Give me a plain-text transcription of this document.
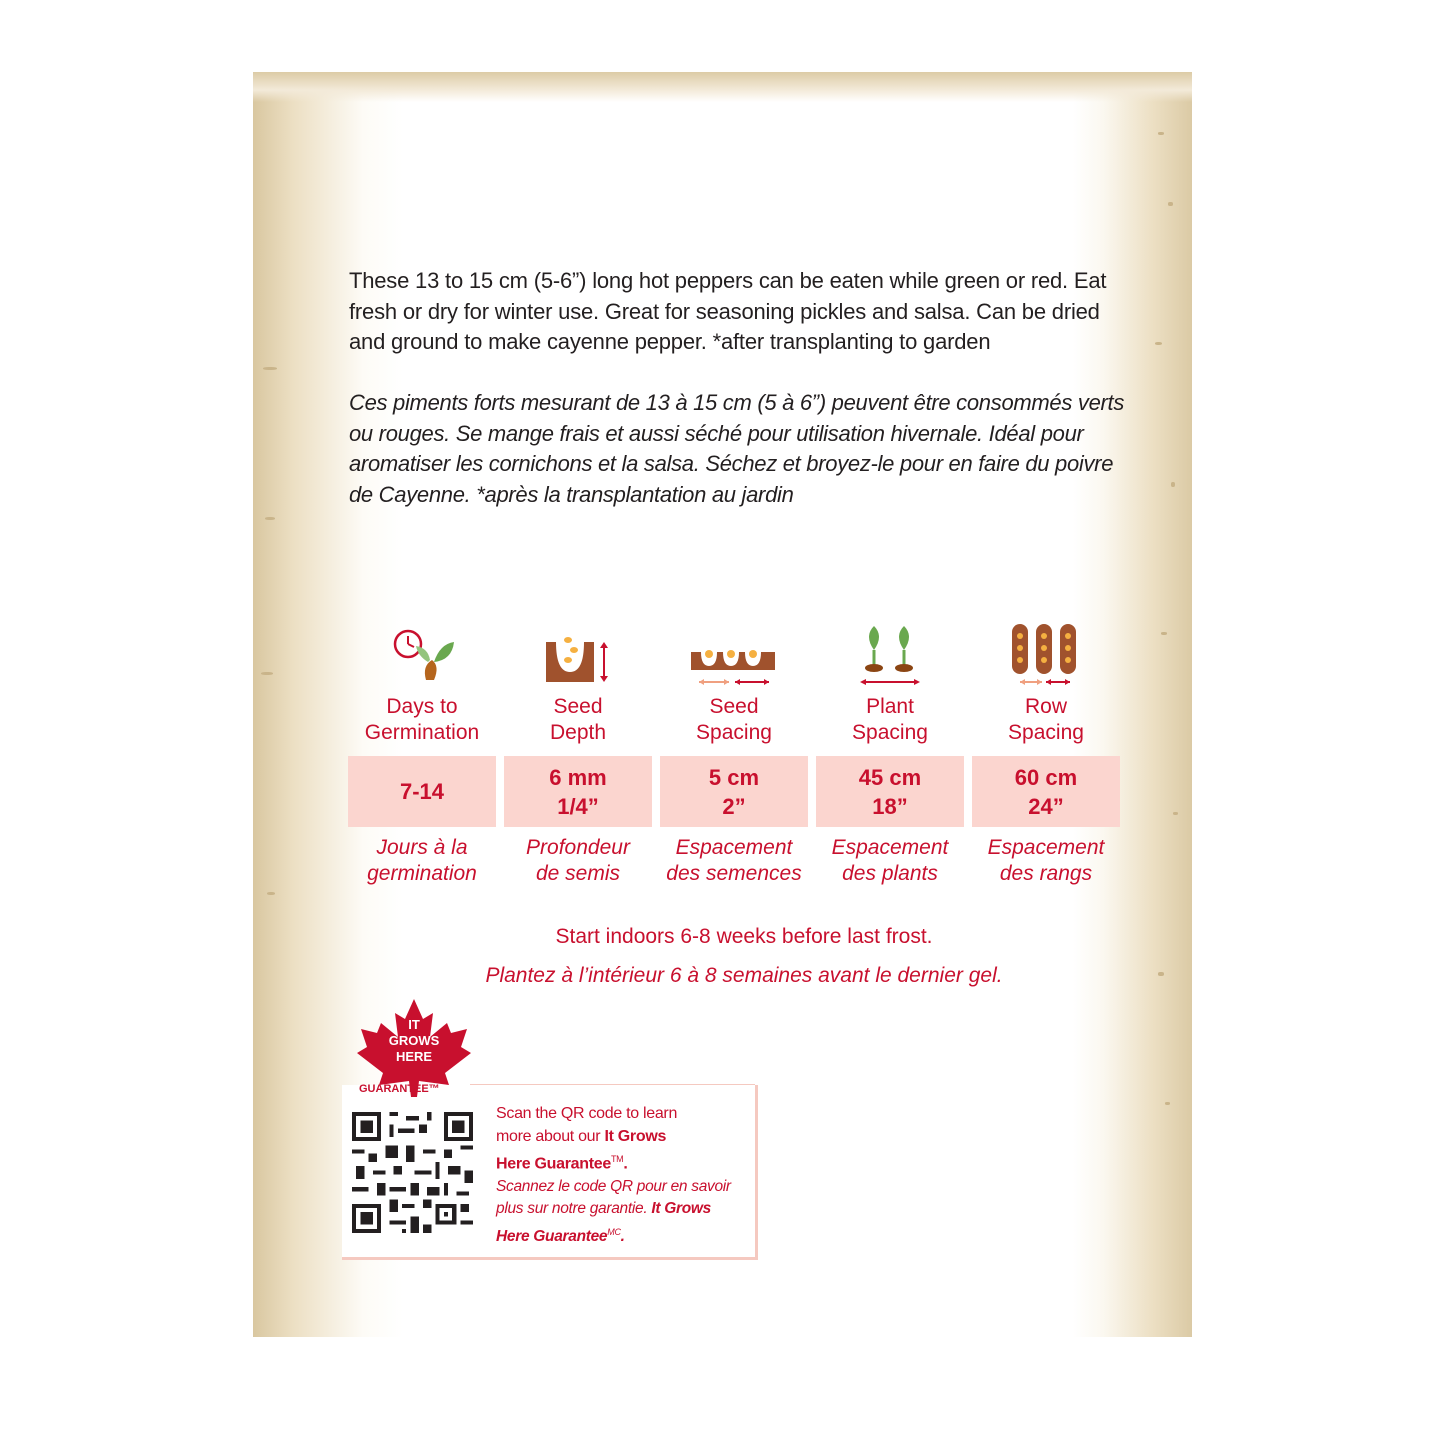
These 13 to 15 cm (5-6”) long hot peppers can be eaten while green or red. Eat fresh or dry for winter use. Great for seasoning pickles and salsa. Can be dried and ground to make cayenne pepper. *after transplanting to garden
Ces piments forts mesurant de 13 à 15 cm (5 à 6”) peuvent être consommés verts ou rouges. Se mange frais et aussi séché pour utilisation hivernale. Idéal pour aromatiser les cornichons et la salsa. Séchez et broyez-le pour en faire du poivre de Cayenne. *après la transplantation au jardin
Days to
Germination
7-14
Jours à la
germination
Seed
Depth
6 mm
1/4”
Profondeur
de semis
Seed
Spacing
5 cm
2”
Espacement
des semences
Plant
Spacing
45 cm
18”
Espacement
des plants
Row
Spacing
60 cm
24”
Espacement
des rangs
Start indoors 6-8 weeks before last frost.
Plantez à l’intérieur 6 à 8 semaines avant le dernier gel.
IT
GROWS
HERE
GUARANTEE™
Scan the QR code to learn
more about our It Grows
Here Guarantee™.
Scannez le code QR pour en savoir
plus sur notre garantie. It Grows
Here Guarantee$^{MC}$.
